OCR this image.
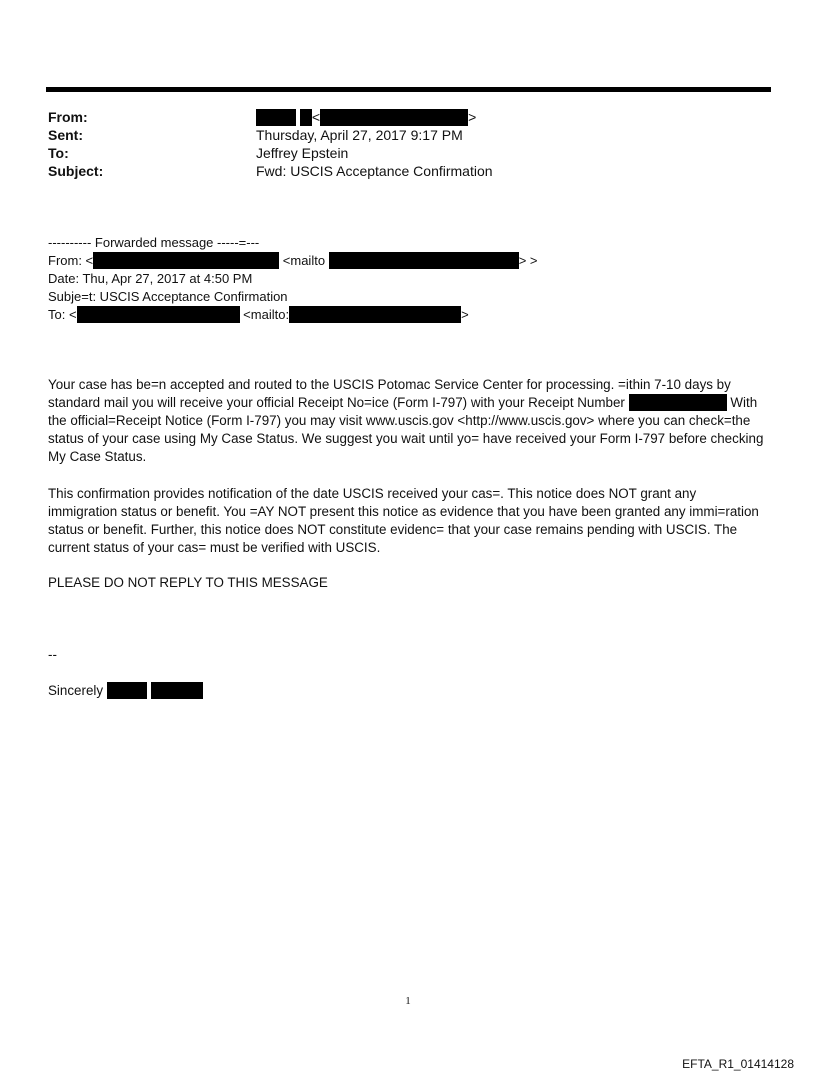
From:	<	>
Sent:	Thursday, April 27, 2017 9:17 PM
To:	Jeffrey Epstein
Subject:	Fwd: USCIS Acceptance Confirmation
---------- Forwarded message -----=---
From: <	<mailto	> >
Date: Thu, Apr 27, 2017 at 4:50 PM
Subje=t: USCIS Acceptance Confirmation
To: <	<mailto:	>
Your case has be=n accepted and routed to the USCIS Potomac Service Center for processing. =ithin 7-10 days by
standard mail you will receive your official Receipt No=ice (Form I-797) with your Receipt Number	With
the official=Receipt Notice (Form I-797) you may visit www.uscis.gov <http://www.uscis.gov> where you can check=the
status of your case using My Case Status. We suggest you wait until yo= have received your Form I-797 before checking
My Case Status.
This confirmation provides notification of the date USCIS received your cas=. This notice does NOT grant any
immigration status or benefit. You =AY NOT present this notice as evidence that you have been granted any immi=ration
status or benefit. Further, this notice does NOT constitute evidenc= that your case remains pending with USCIS. The
current status of your cas= must be verified with USCIS.
PLEASE DO NOT REPLY TO THIS MESSAGE
--
Sincerely
1
EFTA_R1_01414128
